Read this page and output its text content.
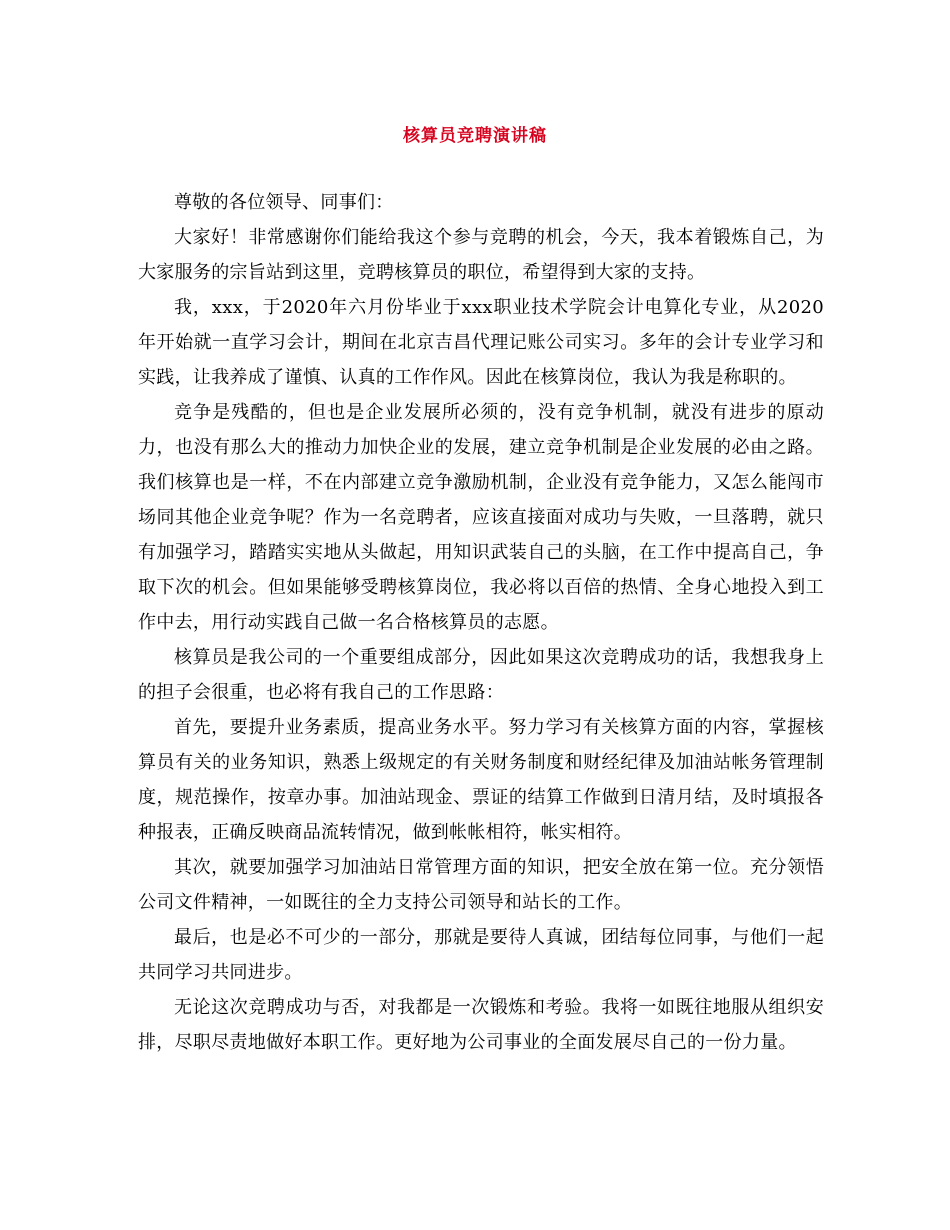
核算员竞聘演讲稿

尊敬的各位领导、同事们：

大家好！非常感谢你们能给我这个参与竞聘的机会，今天，我本着锻炼自己，为大家服务的宗旨站到这里，竞聘核算员的职位，希望得到大家的支持。

我，xxx，于2020年六月份毕业于xxx职业技术学院会计电算化专业，从2020年开始就一直学习会计，期间在北京吉昌代理记账公司实习。多年的会计专业学习和实践，让我养成了谨慎、认真的工作作风。因此在核算岗位，我认为我是称职的。

竞争是残酷的，但也是企业发展所必须的，没有竞争机制，就没有进步的原动力，也没有那么大的推动力加快企业的发展，建立竞争机制是企业发展的必由之路。我们核算也是一样，不在内部建立竞争激励机制，企业没有竞争能力，又怎么能闯市场同其他企业竞争呢？作为一名竞聘者，应该直接面对成功与失败，一旦落聘，就只有加强学习，踏踏实实地从头做起，用知识武装自己的头脑，在工作中提高自己，争取下次的机会。但如果能够受聘核算岗位，我必将以百倍的热情、全身心地投入到工作中去，用行动实践自己做一名合格核算员的志愿。

核算员是我公司的一个重要组成部分，因此如果这次竞聘成功的话，我想我身上的担子会很重，也必将有我自己的工作思路：

首先，要提升业务素质，提高业务水平。努力学习有关核算方面的内容，掌握核算员有关的业务知识，熟悉上级规定的有关财务制度和财经纪律及加油站帐务管理制度，规范操作，按章办事。加油站现金、票证的结算工作做到日清月结，及时填报各种报表，正确反映商品流转情况，做到帐帐相符，帐实相符。

其次，就要加强学习加油站日常管理方面的知识，把安全放在第一位。充分领悟公司文件精神，一如既往的全力支持公司领导和站长的工作。

最后，也是必不可少的一部分，那就是要待人真诚，团结每位同事，与他们一起共同学习共同进步。

无论这次竞聘成功与否，对我都是一次锻炼和考验。我将一如既往地服从组织安排，尽职尽责地做好本职工作。更好地为公司事业的全面发展尽自己的一份力量。
